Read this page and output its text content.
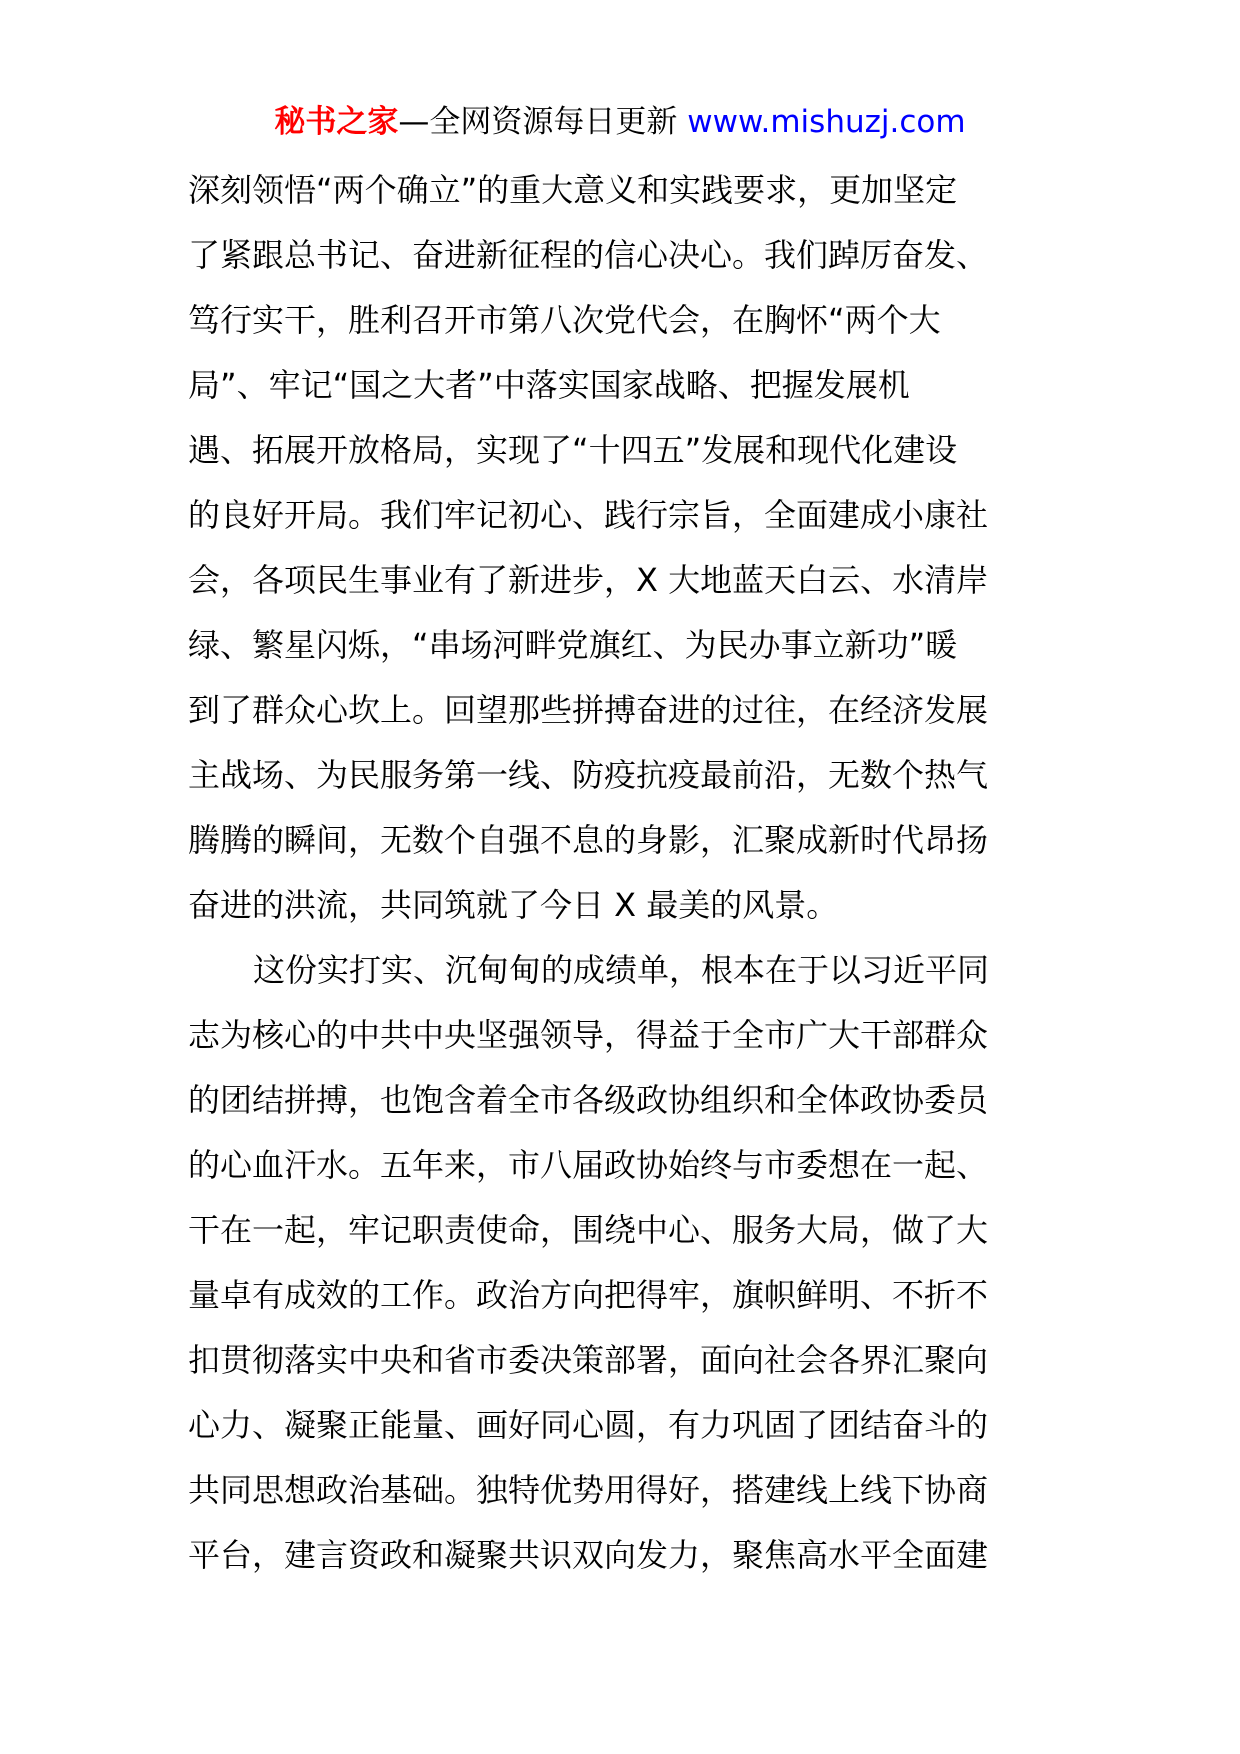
秘书之家—全网资源每日更新 www.mishuzj.com
深刻领悟“两个确立”的重大意义和实践要求，更加坚定
了紧跟总书记、奋进新征程的信心决心。我们踔厉奋发、
笃行实干，胜利召开市第八次党代会，在胸怀“两个大
局”、牢记“国之大者”中落实国家战略、把握发展机
遇、拓展开放格局，实现了“十四五”发展和现代化建设
的良好开局。我们牢记初心、践行宗旨，全面建成小康社
会，各项民生事业有了新进步，X 大地蓝天白云、水清岸
绿、繁星闪烁，“串场河畔党旗红、为民办事立新功”暖
到了群众心坎上。回望那些拼搏奋进的过往，在经济发展
主战场、为民服务第一线、防疫抗疫最前沿，无数个热气
腾腾的瞬间，无数个自强不息的身影，汇聚成新时代昂扬
奋进的洪流，共同筑就了今日 X 最美的风景。
这份实打实、沉甸甸的成绩单，根本在于以习近平同
志为核心的中共中央坚强领导，得益于全市广大干部群众
的团结拼搏，也饱含着全市各级政协组织和全体政协委员
的心血汗水。五年来，市八届政协始终与市委想在一起、
干在一起，牢记职责使命，围绕中心、服务大局，做了大
量卓有成效的工作。政治方向把得牢，旗帜鲜明、不折不
扣贯彻落实中央和省市委决策部署，面向社会各界汇聚向
心力、凝聚正能量、画好同心圆，有力巩固了团结奋斗的
共同思想政治基础。独特优势用得好，搭建线上线下协商
平台，建言资政和凝聚共识双向发力，聚焦高水平全面建
